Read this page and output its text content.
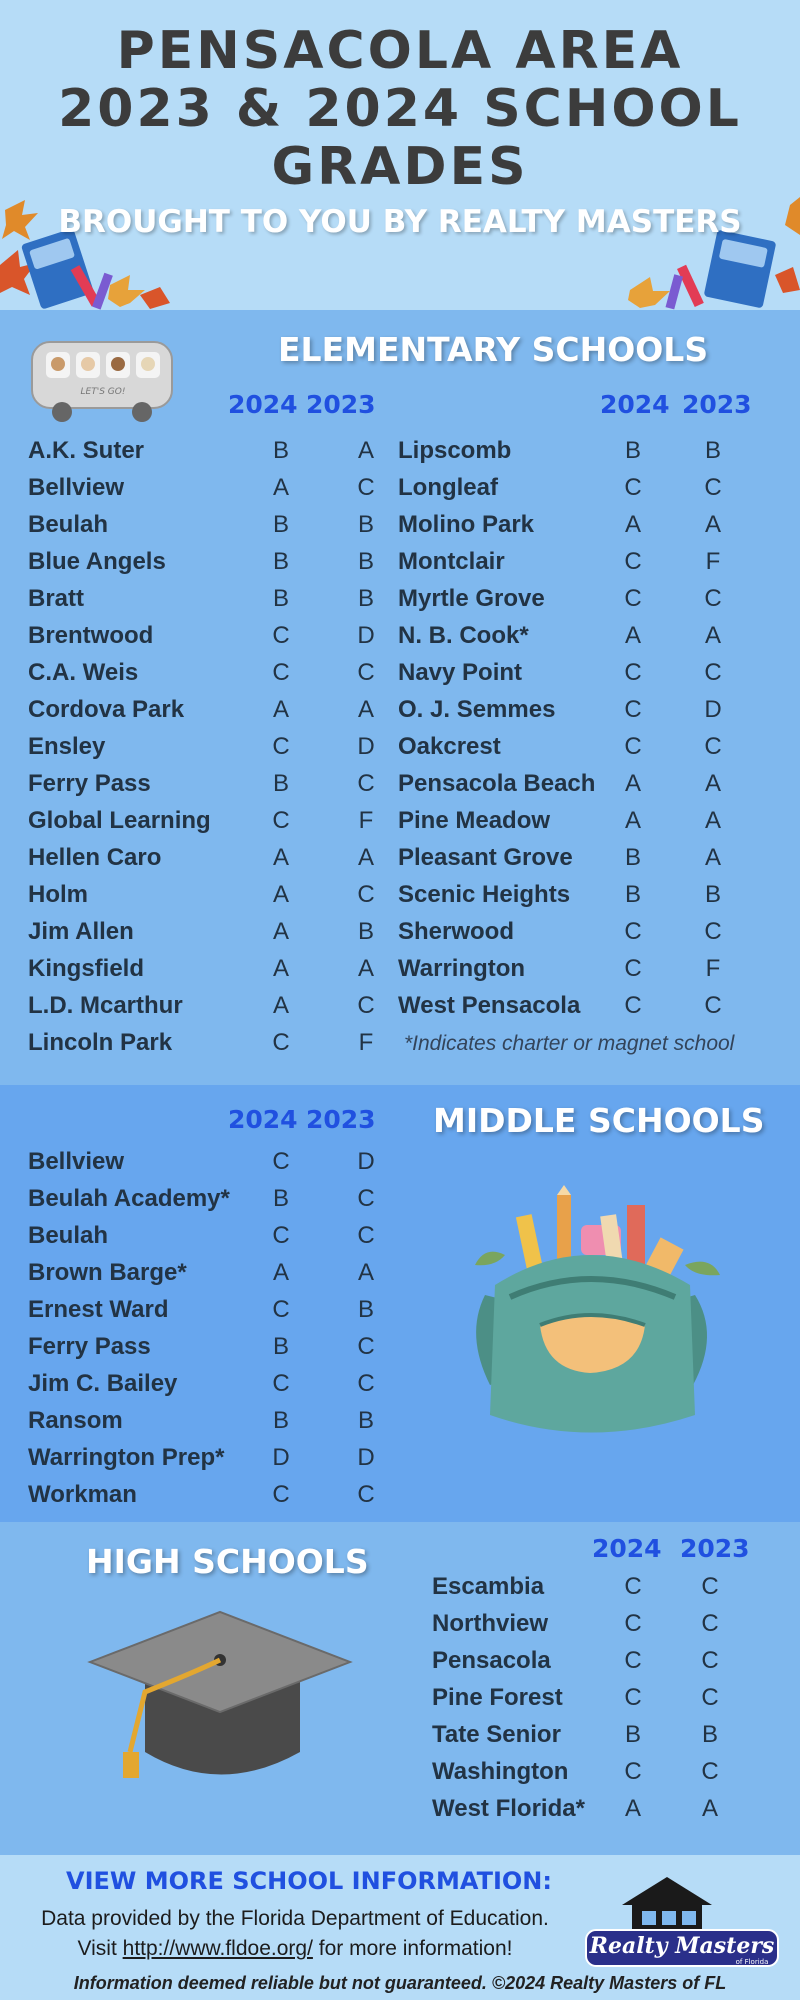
PENSACOLA AREA
2023 & 2024 SCHOOL
GRADES
BROUGHT TO YOU BY REALTY MASTERS
LET'S GO!
ELEMENTARY SCHOOLS
2024 2023	2024 2023
*Indicates charter or magnet school
A.K. Suter	B	A
Bellview	A	C
Beulah	B	B
Blue Angels	B	B
Bratt	B	B
Brentwood	C	D
C.A. Weis	C	C
Cordova Park	A	A
Ensley	C	D
Ferry Pass	B	C
Global Learning	C	F
Hellen Caro	A	A
Holm	A	C
Jim Allen	A	B
Kingsfield	A	A
L.D. Mcarthur	A	C
Lincoln Park	C	F
Lipscomb	B	B
Longleaf	C	C
Molino Park	A	A
Montclair	C	F
Myrtle Grove	C	C
N. B. Cook*	A	A
Navy Point	C	C
O. J. Semmes	C	D
Oakcrest	C	C
Pensacola Beach	A	A
Pine Meadow	A	A
Pleasant Grove	B	A
Scenic Heights	B	B
Sherwood	C	C
Warrington	C	F
West Pensacola	C	C
2024 2023 MIDDLE SCHOOLS
Bellview	C	D
Beulah Academy*	B	C
Beulah	C	C
Brown Barge*	A	A
Ernest Ward	C	B
Ferry Pass	B	C
Jim C. Bailey	C	C
Ransom	B	B
Warrington Prep*	D	D
Workman	C	C
HIGH SCHOOLS	2024 2023
Escambia	C	C
Northview	C	C
Pensacola	C	C
Pine Forest	C	C
Tate Senior	B	B
Washington	C	C
West Florida*	A	A
VIEW MORE SCHOOL INFORMATION:
Data provided by the Florida Department of Education.
Visit http://www.fldoe.org/ for more information!	Realty Masters
of Florida
Information deemed reliable but not guaranteed. ©2024 Realty Masters of FL
